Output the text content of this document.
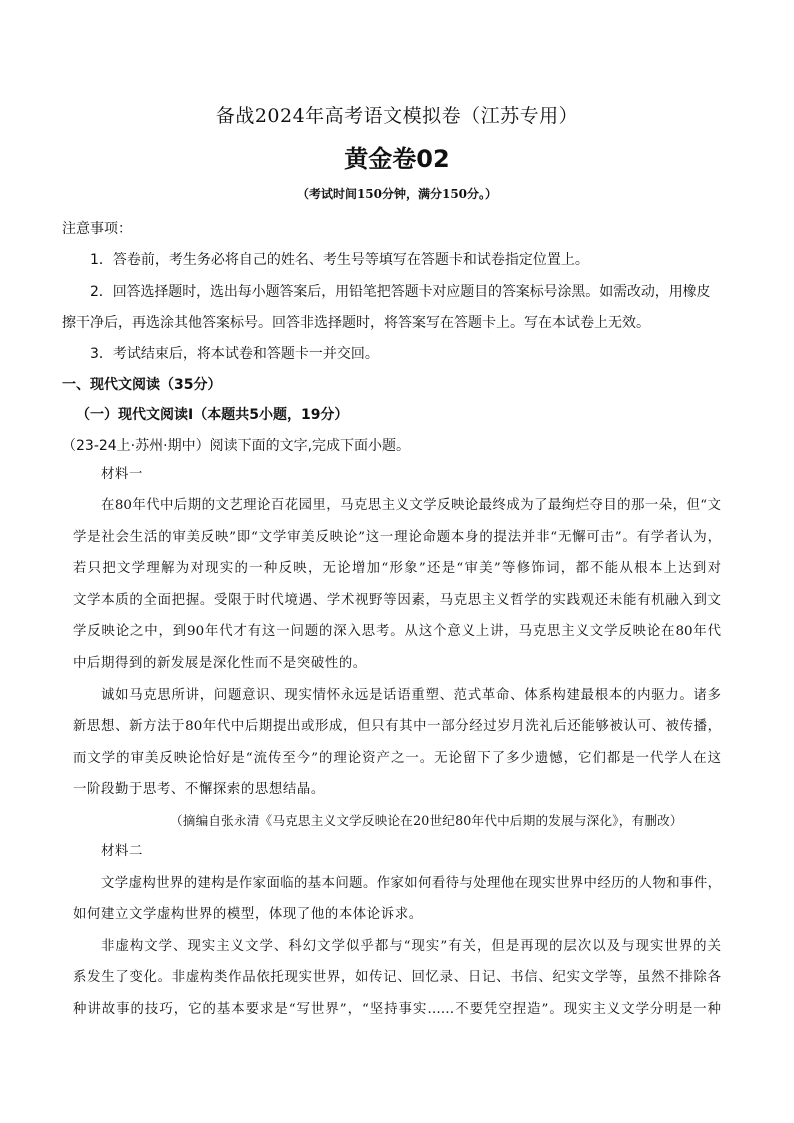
备战2024年高考语文模拟卷（江苏专用）
黄金卷02
（考试时间150分钟，满分150分。）
注意事项：
1．答卷前，考生务必将自己的姓名、考生号等填写在答题卡和试卷指定位置上。
2．回答选择题时，选出每小题答案后，用铅笔把答题卡对应题目的答案标号涂黑。如需改动，用橡皮
擦干净后，再选涂其他答案标号。回答非选择题时，将答案写在答题卡上。写在本试卷上无效。
3．考试结束后，将本试卷和答题卡一并交回。
一、现代文阅读（35分）
（一）现代文阅读Ⅰ（本题共5小题，19分）
（23-24上·苏州·期中）阅读下面的文字,完成下面小题。
材料一
在80年代中后期的文艺理论百花园里，马克思主义文学反映论最终成为了最绚烂夺目的那一朵，但“文
学是社会生活的审美反映”即“文学审美反映论”这一理论命题本身的提法并非“无懈可击”。有学者认为，
若只把文学理解为对现实的一种反映，无论增加“形象”还是“审美”等修饰词，都不能从根本上达到对
文学本质的全面把握。受限于时代境遇、学术视野等因素，马克思主义哲学的实践观还未能有机融入到文
学反映论之中，到90年代才有这一问题的深入思考。从这个意义上讲，马克思主义文学反映论在80年代
中后期得到的新发展是深化性而不是突破性的。
诚如马克思所讲，问题意识、现实情怀永远是话语重塑、范式革命、体系构建最根本的内驱力。诸多
新思想、新方法于80年代中后期提出或形成，但只有其中一部分经过岁月洗礼后还能够被认可、被传播，
而文学的审美反映论恰好是“流传至今”的理论资产之一。无论留下了多少遗憾，它们都是一代学人在这
一阶段勤于思考、不懈探索的思想结晶。
（摘编自张永清《马克思主义文学反映论在20世纪80年代中后期的发展与深化》，有删改）
材料二
文学虚构世界的建构是作家面临的基本问题。作家如何看待与处理他在现实世界中经历的人物和事件，
如何建立文学虚构世界的模型，体现了他的本体论诉求。
非虚构文学、现实主义文学、科幻文学似乎都与“现实”有关，但是再现的层次以及与现实世界的关
系发生了变化。非虚构类作品依托现实世界，如传记、回忆录、日记、书信、纪实文学等，虽然不排除各
种讲故事的技巧，它的基本要求是“写世界”，“坚持事实……不要凭空捏造”。现实主义文学分明是一种
